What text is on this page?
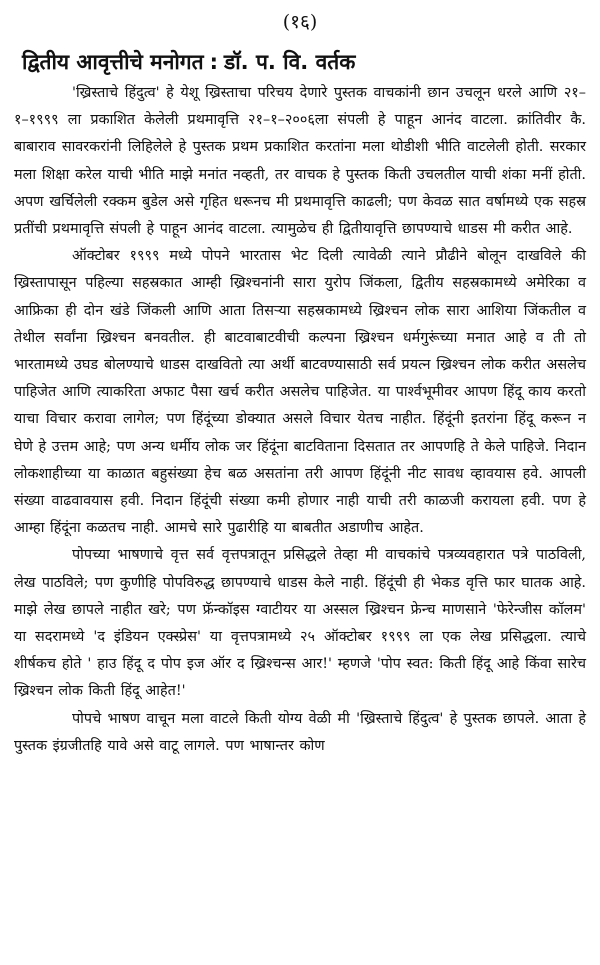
(१६)
द्वितीय आवृत्तीचे मनोगत : डॉ. प. वि. वर्तक

'ख्रिस्ताचे हिंदुत्व' हे येशू ख्रिस्ताचा परिचय देणारे पुस्तक वाचकांनी छान उचलून धरले आणि २१–१–१९९९ ला प्रकाशित केलेली प्रथमावृत्ति २१–१–२००६ला संपली हे पाहून आनंद वाटला. क्रांतिवीर कै. बाबाराव सावरकरांनी लिहिलेले हे पुस्तक प्रथम प्रकाशित करतांना मला थोडीशी भीति वाटलेली होती. सरकार मला शिक्षा करेल याची भीति माझे मनांत नव्हती, तर वाचक हे पुस्तक किती उचलतील याची शंका मनीं होती. अपण खर्चिलेली रक्कम बुडेल असे गृहित धरूनच मी प्रथमावृत्ति काढली; पण केवळ सात वर्षामध्ये एक सहस्र प्रतींची प्रथमावृत्ति संपली हे पाहून आनंद वाटला. त्यामुळेच ही द्वितीयावृत्ति छापण्याचे धाडस मी करीत आहे.

ऑक्टोबर १९९९ मध्ये पोपने भारतास भेट दिली त्यावेळी त्याने प्रौढीने बोलून दाखविले की ख्रिस्तापासून पहिल्या सहस्रकात आम्ही ख्रिश्चनांनी सारा युरोप जिंकला, द्वितीय सहस्रकामध्ये अमेरिका व आफ्रिका ही दोन खंडे जिंकली आणि आता तिसऱ्या सहस्रकामध्ये ख्रिश्चन लोक सारा आशिया जिंकतील व तेथील सर्वांना ख्रिश्चन बनवतील. ही बाटवाबाटवीची कल्पना ख्रिश्चन धर्मगुरूंच्या मनात आहे व ती तो भारतामध्ये उघड बोलण्याचे धाडस दाखवितो त्या अर्थी बाटवण्यासाठी सर्व प्रयत्न ख्रिश्चन लोक करीत असलेच पाहिजेत आणि त्याकरिता अफाट पैसा खर्च करीत असलेच पाहिजेत. या पार्श्वभूमीवर आपण हिंदू काय करतो याचा विचार करावा लागेल; पण हिंदूंच्या डोक्यात असले विचार येतच नाहीत. हिंदूंनी इतरांना हिंदू करून न घेणे हे उत्तम आहे; पण अन्य धर्मीय लोक जर हिंदूंना बाटविताना दिसतात तर आपणहि ते केले पाहिजे. निदान लोकशाहीच्या या काळात बहुसंख्या हेच बळ असतांना तरी आपण हिंदूंनी नीट सावध व्हावयास हवे. आपली संख्या वाढवावयास हवी. निदान हिंदूंची संख्या कमी होणार नाही याची तरी काळजी करायला हवी. पण हे आम्हा हिंदूंना कळतच नाही. आमचे सारे पुढारीहि या बाबतीत अडाणीच आहेत.

पोपच्या भाषणाचे वृत्त सर्व वृत्तपत्रातून प्रसिद्धले तेव्हा मी वाचकांचे पत्रव्यवहारात पत्रे पाठविली, लेख पाठविले; पण कुणीहि पोपविरुद्ध छापण्याचे धाडस केले नाही. हिंदूंची ही भेकड वृत्ति फार घातक आहे. माझे लेख छापले नाहीत खरे; पण फ्रॅन्कॉइस ग्वाटीयर या अस्सल ख्रिश्चन फ्रेन्च माणसाने 'फेरेन्जीस कॉलम' या सदरामध्ये 'द इंडियन एक्स्प्रेस' या वृत्तपत्रामध्ये २५ ऑक्टोबर १९९९ ला एक लेख प्रसिद्धला. त्याचे शीर्षकच होते ' हाउ हिंदू द पोप इज ऑर द ख्रिश्चन्स आर!' म्हणजे 'पोप स्वत: किती हिंदू आहे किंवा सारेच ख्रिश्चन लोक किती हिंदू आहेत!'

पोपचे भाषण वाचून मला वाटले किती योग्य वेळी मी 'ख्रिस्ताचे हिंदुत्व' हे पुस्तक छापले. आता हे पुस्तक इंग्रजीतहि यावे असे वाटू लागले. पण भाषान्तर कोण
